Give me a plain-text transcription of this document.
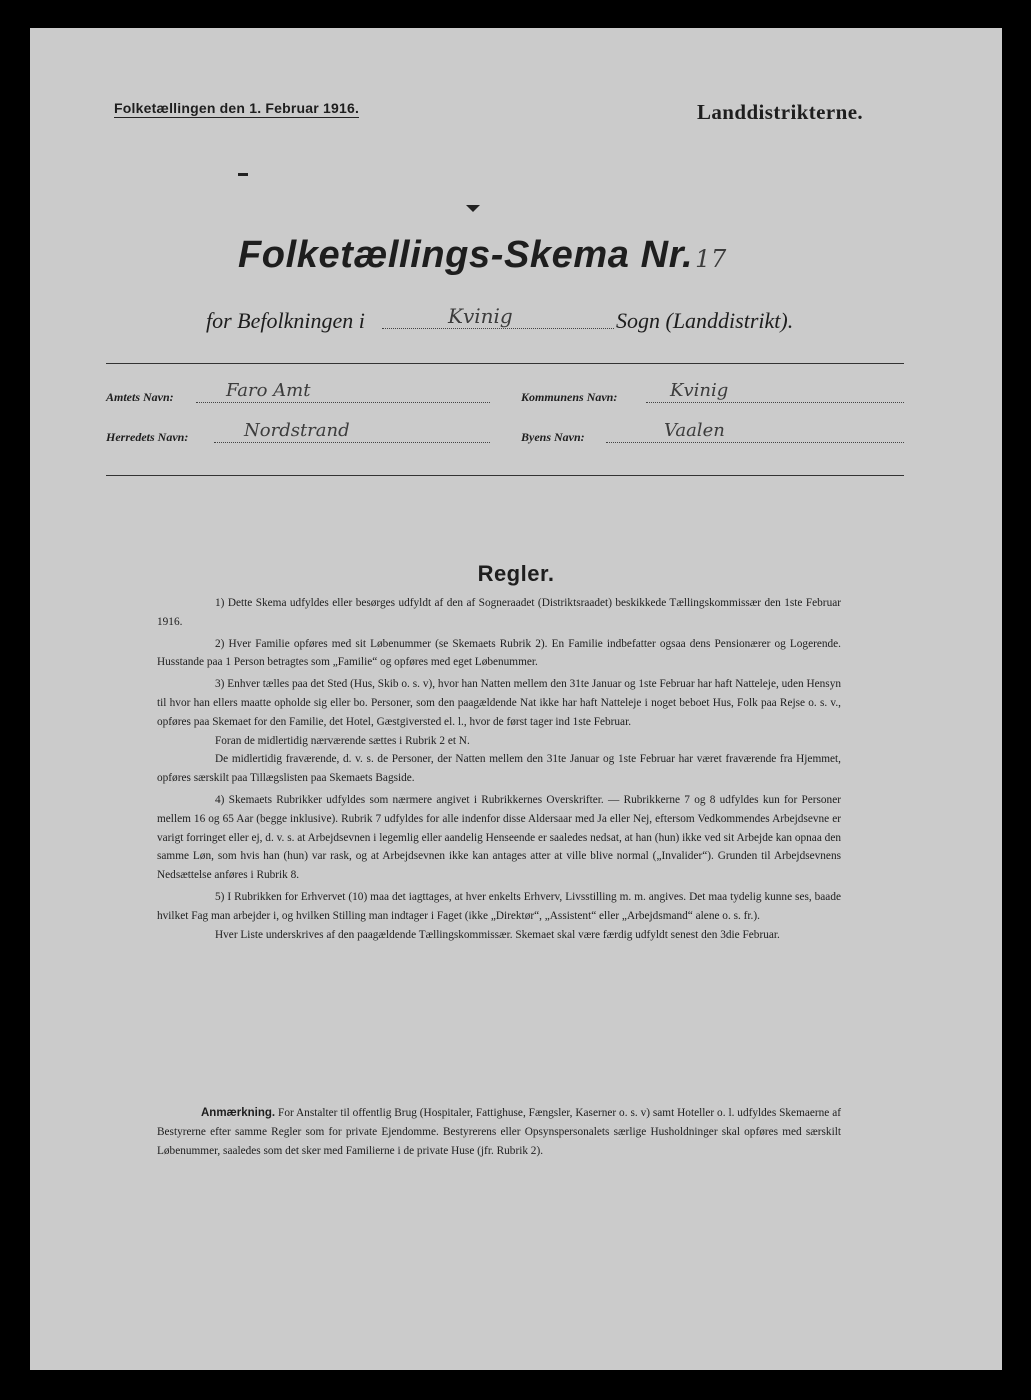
Folketællingen den 1. Februar 1916.	Landdistrikterne.
Folketællings-Skema Nr.17
for Befolkningen i	Kvinig	Sogn (Landdistrikt).
Amtets Navn:	Faro Amt	Kommunens Navn:	Kvinig
Herredets Navn:	Nordstrand	Byens Navn:	Vaalen
Regler.

1) Dette Skema udfyldes eller besørges udfyldt af den af Sogneraadet (Distriktsraadet) beskikkede Tællingskommissær den 1ste Februar 1916.

2) Hver Familie opføres med sit Løbenummer (se Skemaets Rubrik 2). En Familie indbefatter ogsaa dens Pensionærer og Logerende. Husstande paa 1 Person betragtes som „Familie“ og opføres med eget Løbenummer.

3) Enhver tælles paa det Sted (Hus, Skib o. s. v), hvor han Natten mellem den 31te Januar og 1ste Februar har haft Natteleje, uden Hensyn til hvor han ellers maatte opholde sig eller bo. Personer, som den paagældende Nat ikke har haft Natteleje i noget beboet Hus, Folk paa Rejse o. s. v., opføres paa Skemaet for den Familie, det Hotel, Gæstgiversted el. l., hvor de først tager ind 1ste Februar.

Foran de midlertidig nærværende sættes i Rubrik 2 et N.

De midlertidig fraværende, d. v. s. de Personer, der Natten mellem den 31te Januar og 1ste Februar har været fraværende fra Hjemmet, opføres særskilt paa Tillægslisten paa Skemaets Bagside.

4) Skemaets Rubrikker udfyldes som nærmere angivet i Rubrikkernes Overskrifter. — Rubrikkerne 7 og 8 udfyldes kun for Personer mellem 16 og 65 Aar (begge inklusive). Rubrik 7 udfyldes for alle indenfor disse Aldersaar med Ja eller Nej, eftersom Vedkommendes Arbejdsevne er varigt forringet eller ej, d. v. s. at Arbejdsevnen i legemlig eller aandelig Henseende er saaledes nedsat, at han (hun) ikke ved sit Arbejde kan opnaa den samme Løn, som hvis han (hun) var rask, og at Arbejdsevnen ikke kan antages atter at ville blive normal („Invalider“). Grunden til Arbejdsevnens Nedsættelse anføres i Rubrik 8.

5) I Rubrikken for Erhvervet (10) maa det iagttages, at hver enkelts Erhverv, Livsstilling m. m. angives. Det maa tydelig kunne ses, baade hvilket Fag man arbejder i, og hvilken Stilling man indtager i Faget (ikke „Direktør“, „Assistent“ eller „Arbejdsmand“ alene o. s. fr.).

Hver Liste underskrives af den paagældende Tællingskommissær. Skemaet skal være færdig udfyldt senest den 3die Februar.

Anmærkning. For Anstalter til offentlig Brug (Hospitaler, Fattighuse, Fængsler, Kaserner o. s. v) samt Hoteller o. l. udfyldes Skemaerne af Bestyrerne efter samme Regler som for private Ejendomme. Bestyrerens eller Opsynspersonalets særlige Husholdninger skal opføres med særskilt Løbenummer, saaledes som det sker med Familierne i de private Huse (jfr. Rubrik 2).
